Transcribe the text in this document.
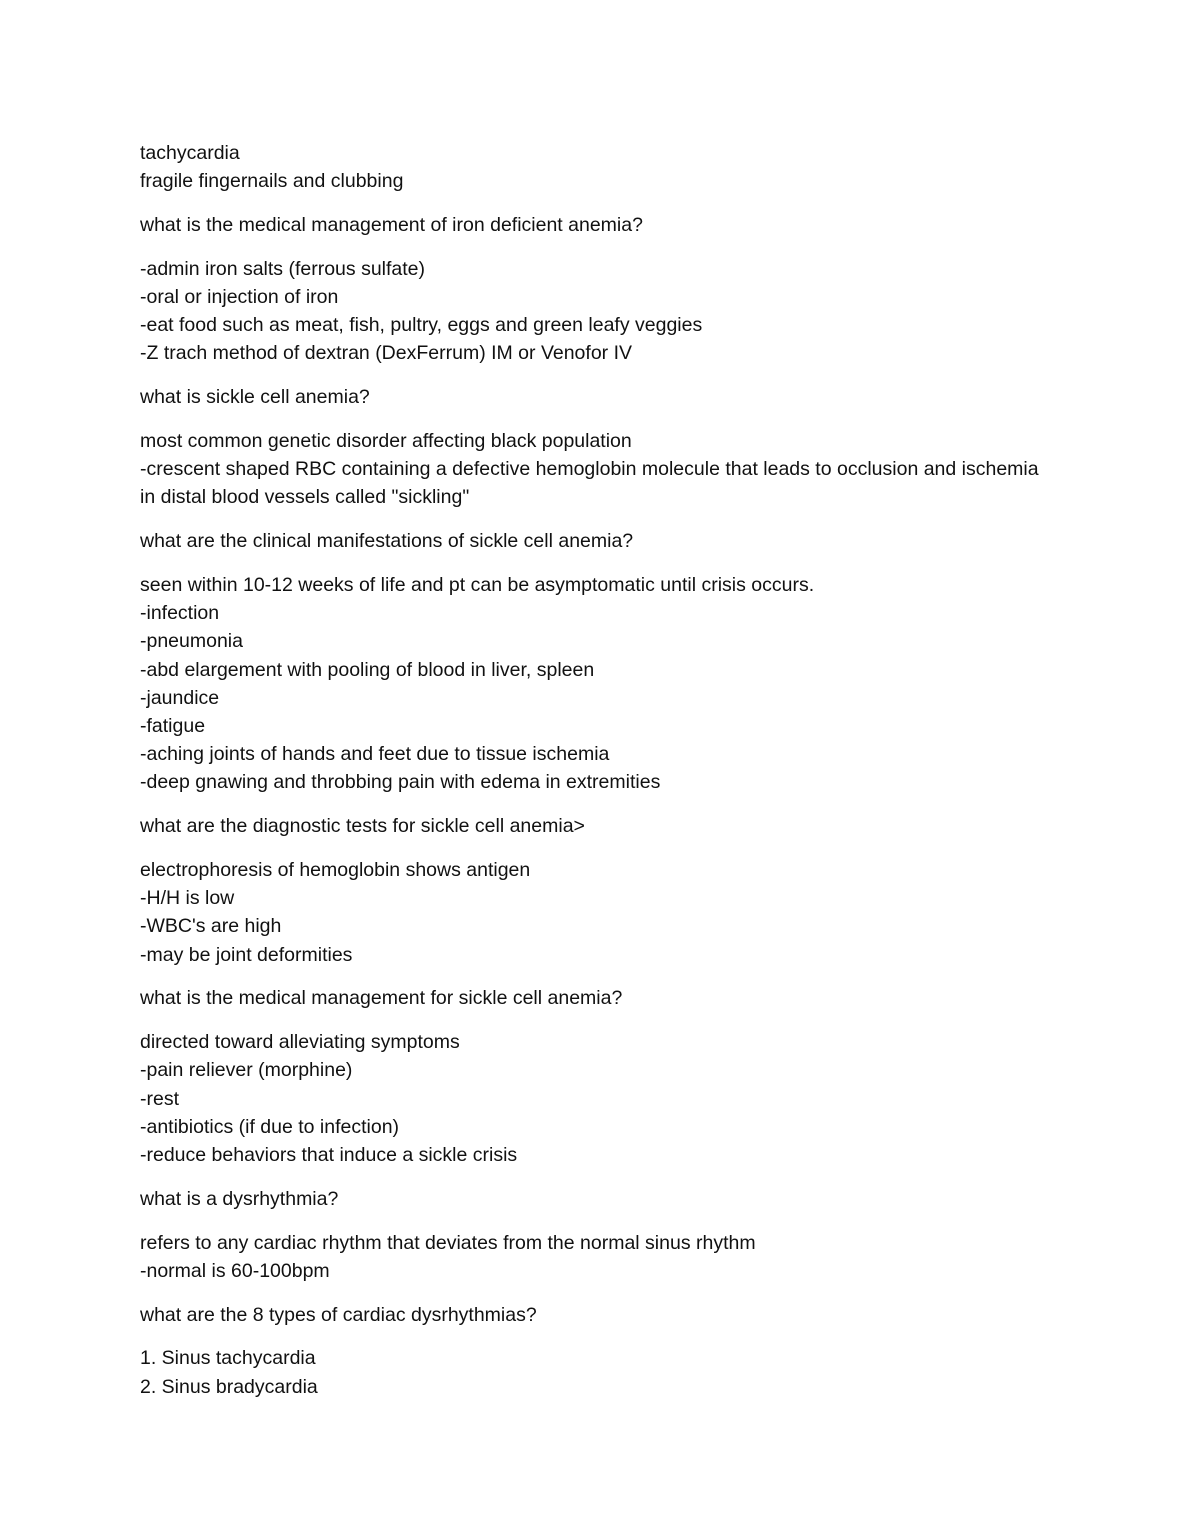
tachycardia
fragile fingernails and clubbing
what is the medical management of iron deficient anemia?
-admin iron salts (ferrous sulfate)
-oral or injection of iron
-eat food such as meat, fish, pultry, eggs and green leafy veggies
-Z trach method of dextran (DexFerrum) IM or Venofor IV
what is sickle cell anemia?
most common genetic disorder affecting black population
-crescent shaped RBC containing a defective hemoglobin molecule that leads to occlusion and ischemia
in distal blood vessels called "sickling"
what are the clinical manifestations of sickle cell anemia?
seen within 10-12 weeks of life and pt can be asymptomatic until crisis occurs.
-infection
-pneumonia
-abd elargement with pooling of blood in liver, spleen
-jaundice
-fatigue
-aching joints of hands and feet due to tissue ischemia
-deep gnawing and throbbing pain with edema in extremities
what are the diagnostic tests for sickle cell anemia>
electrophoresis of hemoglobin shows antigen
-H/H is low
-WBC's are high
-may be joint deformities
what is the medical management for sickle cell anemia?
directed toward alleviating symptoms
-pain reliever (morphine)
-rest
-antibiotics (if due to infection)
-reduce behaviors that induce a sickle crisis
what is a dysrhythmia?
refers to any cardiac rhythm that deviates from the normal sinus rhythm
-normal is 60-100bpm
what are the 8 types of cardiac dysrhythmias?
1. Sinus tachycardia
2. Sinus bradycardia
